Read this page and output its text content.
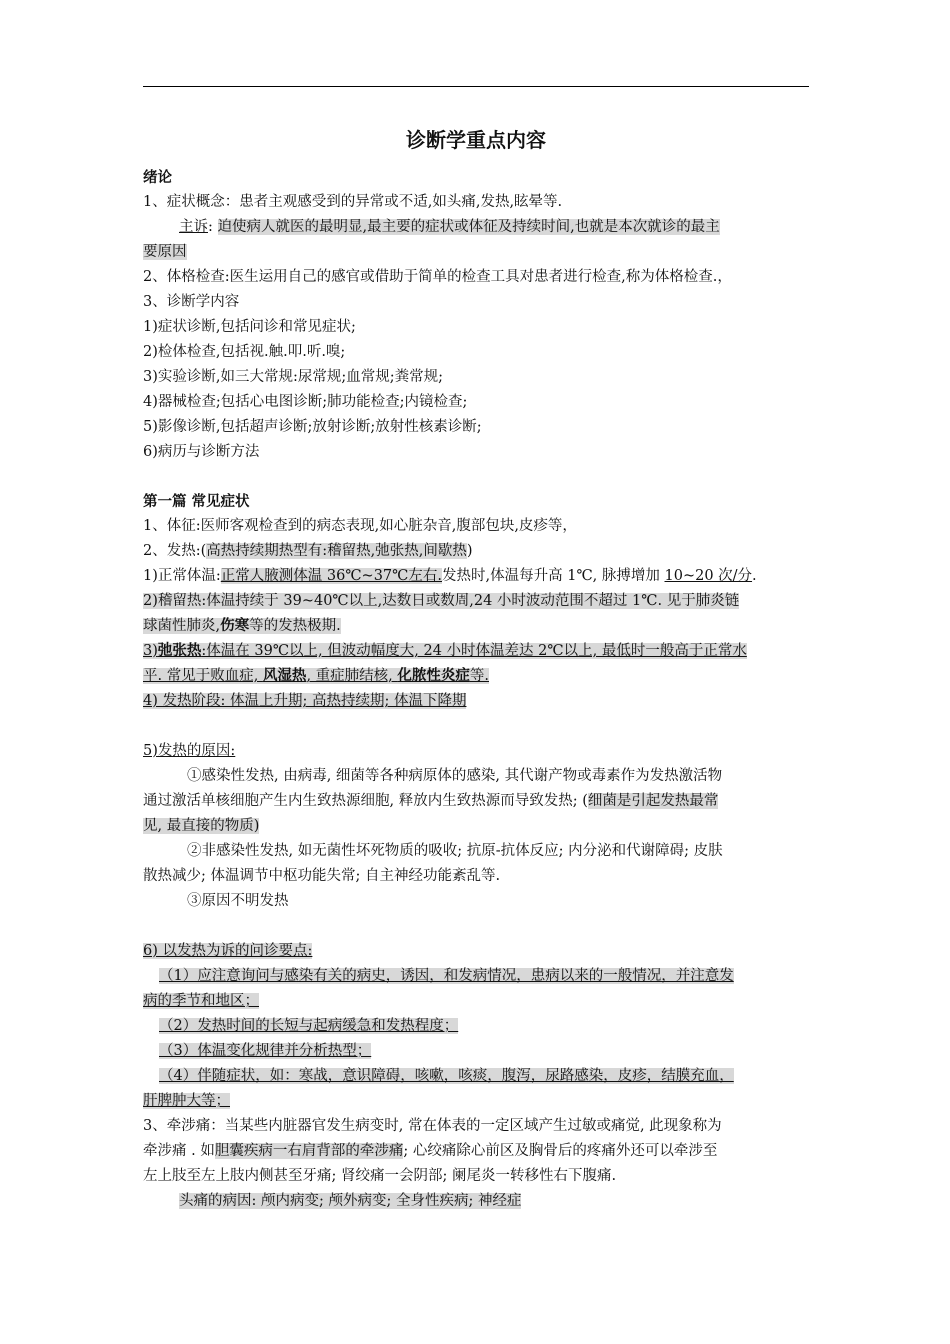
诊断学重点内容
绪论
1、症状概念：患者主观感受到的异常或不适,如头痛,发热,眩晕等.
主诉: 迫使病人就医的最明显,最主要的症状或体征及持续时间,也就是本次就诊的最主
要原因
2、体格检查:医生运用自己的感官或借助于简单的检查工具对患者进行检查,称为体格检查.，
3、诊断学内容
1)症状诊断,包括问诊和常见症状;
2)检体检查,包括视.触.叩.听.嗅;
3)实验诊断,如三大常规:尿常规;血常规;粪常规;
4)器械检查;包括心电图诊断;肺功能检查;内镜检查;
5)影像诊断,包括超声诊断;放射诊断;放射性核素诊断;
6)病历与诊断方法
第一篇 常见症状
1、体征:医师客观检查到的病态表现,如心脏杂音,腹部包块,皮疹等，
2、发热:(高热持续期热型有:稽留热,弛张热,间歇热)
1)正常体温:正常人腋测体温 36℃~37℃左右.发热时,体温每升高 1℃, 脉搏增加 10~20 次/分.
2)稽留热:体温持续于 39~40℃以上,达数日或数周,24 小时波动范围不超过 1℃. 见于肺炎链
球菌性肺炎,伤寒等的发热极期.
3)弛张热:体温在 39℃以上, 但波动幅度大, 24 小时体温差达 2℃以上, 最低时一般高于正常水
平. 常见于败血症, 风湿热, 重症肺结核, 化脓性炎症等.
4) 发热阶段: 体温上升期; 高热持续期; 体温下降期
5)发热的原因:
①感染性发热, 由病毒, 细菌等各种病原体的感染, 其代谢产物或毒素作为发热激活物
通过激活单核细胞产生内生致热源细胞, 释放内生致热源而导致发热; (细菌是引起发热最常
见, 最直接的物质)
②非感染性发热, 如无菌性坏死物质的吸收; 抗原-抗体反应; 内分泌和代谢障碍; 皮肤
散热减少; 体温调节中枢功能失常; 自主神经功能紊乱等.
③原因不明发热
6) 以发热为诉的问诊要点:
（1）应注意询问与感染有关的病史，诱因，和发病情况，患病以来的一般情况，并注意发
病的季节和地区；
（2）发热时间的长短与起病缓急和发热程度；
（3）体温变化规律并分析热型；
（4）伴随症状，如：寒战，意识障碍，咳嗽，咳痰，腹泻，尿路感染，皮疹，结膜充血，
肝脾肿大等；
3、牵涉痛：当某些内脏器官发生病变时, 常在体表的一定区域产生过敏或痛觉, 此现象称为
牵涉痛 . 如胆囊疾病一右肩背部的牵涉痛; 心绞痛除心前区及胸骨后的疼痛外还可以牵涉至
左上肢至左上肢内侧甚至牙痛; 肾绞痛一会阴部; 阑尾炎一转移性右下腹痛.
头痛的病因: 颅内病变; 颅外病变; 全身性疾病; 神经症
